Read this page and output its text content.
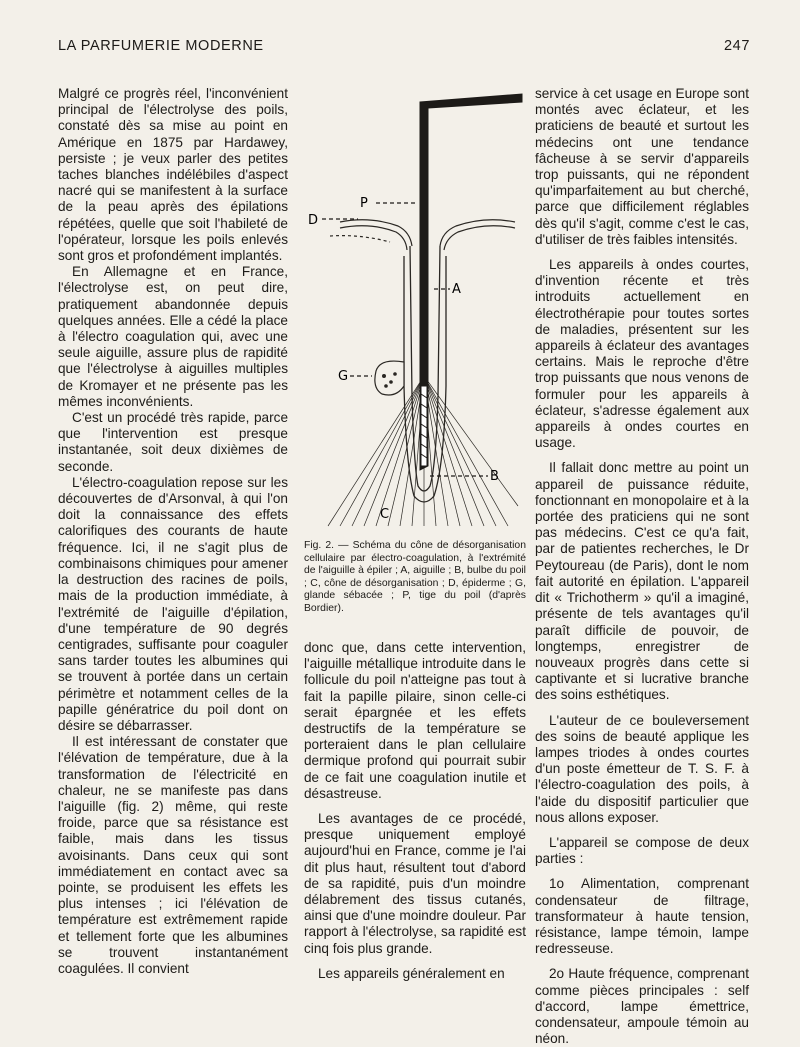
LA PARFUMERIE MODERNE	247

Malgré ce progrès réel, l'inconvénient principal de l'électrolyse des poils, constaté dès sa mise au point en Amérique en 1875 par Hardawey, persiste ; je veux parler des petites taches blanches indélébiles d'aspect nacré qui se manifestent à la surface de la peau après des épilations répétées, quelle que soit l'habileté de l'opérateur, lorsque les poils enlevés sont gros et profondément implantés.

En Allemagne et en France, l'électrolyse est, on peut dire, pratiquement abandonnée depuis quelques années. Elle a cédé la place à l'électro coagulation qui, avec une seule aiguille, assure plus de rapidité que l'électrolyse à aiguilles multiples de Kromayer et ne présente pas les mêmes inconvénients.

C'est un procédé très rapide, parce que l'intervention est presque instantanée, soit deux dixièmes de seconde.

L'électro-coagulation repose sur les découvertes de d'Arsonval, à qui l'on doit la connaissance des effets calorifiques des courants de haute fréquence. Ici, il ne s'agit plus de combinaisons chimiques pour amener la destruction des racines de poils, mais de la production immédiate, à l'extrémité de l'aiguille d'épilation, d'une température de 90 degrés centigrades, suffisante pour coaguler sans tarder toutes les albumines qui se trouvent à portée dans un certain périmètre et notamment celles de la papille génératrice du poil dont on désire se débarrasser.

Il est intéressant de constater que l'élévation de température, due à la transformation de l'électricité en chaleur, ne se manifeste pas dans l'aiguille (fig. 2) même, qui reste froide, parce que sa résistance est faible, mais dans les tissus avoisinants. Dans ceux qui sont immédiatement en contact avec sa pointe, se produisent les effets les plus intenses ; ici l'élévation de température est extrêmement rapide et tellement forte que les albumines se trouvent instantanément coagulées. Il convient

P
D
A
G
B
C
Fig. 2. — Schéma du cône de désorganisation cellulaire par électro-coagulation, à l'extrémité de l'aiguille à épiler ; A, aiguille ; B, bulbe du poil ; C, cône de désorganisation ; D, épiderme ; G, glande sébacée ; P, tige du poil (d'après Bordier).

donc que, dans cette intervention, l'aiguille métallique introduite dans le follicule du poil n'atteigne pas tout à fait la papille pilaire, sinon celle-ci serait épargnée et les effets destructifs de la température se porteraient dans le plan cellulaire dermique profond qui pourrait subir de ce fait une coagulation inutile et désastreuse.

Les avantages de ce procédé, presque uniquement employé aujourd'hui en France, comme je l'ai dit plus haut, résultent tout d'abord de sa rapidité, puis d'un moindre délabrement des tissus cutanés, ainsi que d'une moindre douleur. Par rapport à l'électrolyse, sa rapidité est cinq fois plus grande.

Les appareils généralement en

service à cet usage en Europe sont montés avec éclateur, et les praticiens de beauté et surtout les médecins ont une tendance fâcheuse à se servir d'appareils trop puissants, qui ne répondent qu'imparfaitement au but cherché, parce que difficilement réglables dès qu'il s'agit, comme c'est le cas, d'utiliser de très faibles intensités.

Les appareils à ondes courtes, d'invention récente et très introduits actuellement en électrothérapie pour toutes sortes de maladies, présentent sur les appareils à éclateur des avantages certains. Mais le reproche d'être trop puissants que nous venons de formuler pour les appareils à éclateur, s'adresse également aux appareils à ondes courtes en usage.

Il fallait donc mettre au point un appareil de puissance réduite, fonctionnant en monopolaire et à la portée des praticiens qui ne sont pas médecins. C'est ce qu'a fait, par de patientes recherches, le Dr Peytoureau (de Paris), dont le nom fait autorité en épilation. L'appareil dit « Trichotherm » qu'il a imaginé, présente de tels avantages qu'il paraît difficile de pouvoir, de longtemps, enregistrer de nouveaux progrès dans cette si captivante et si lucrative branche des soins esthétiques.

L'auteur de ce bouleversement des soins de beauté applique les lampes triodes à ondes courtes d'un poste émetteur de T. S. F. à l'électro-coagulation des poils, à l'aide du dispositif particulier que nous allons exposer.

L'appareil se compose de deux parties :

1o Alimentation, comprenant condensateur de filtrage, transformateur à haute tension, résistance, lampe témoin, lampe redresseuse.

2o Haute fréquence, comprenant comme pièces principales : self d'accord, lampe émettrice, condensateur, ampoule témoin au néon.
